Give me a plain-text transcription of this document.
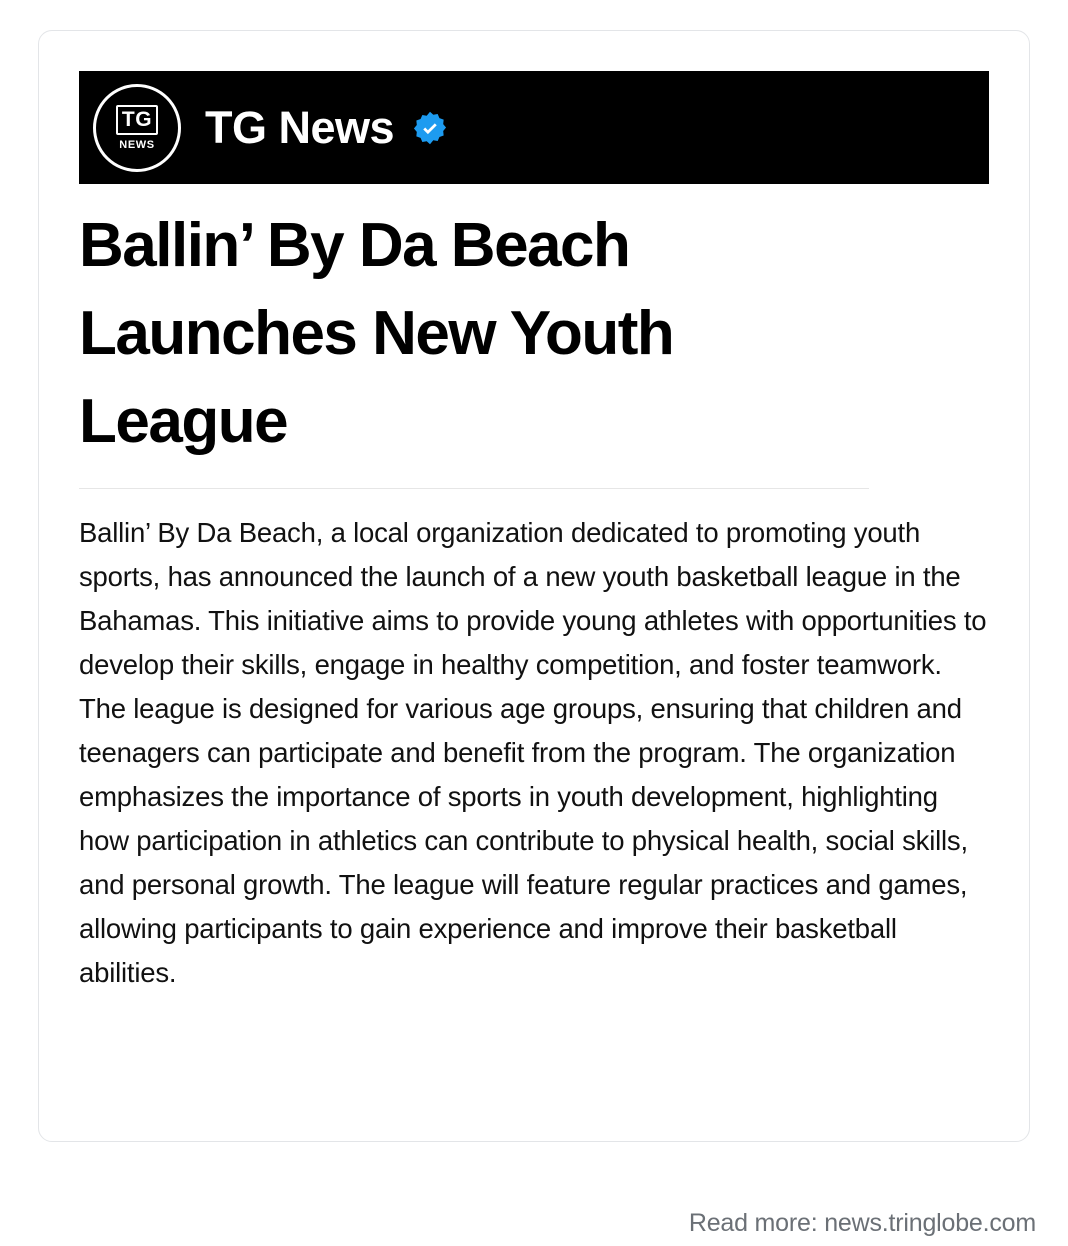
TG
NEWS TG News
Ballin’ By Da Beach Launches New Youth League

Ballin’ By Da Beach, a local organization dedicated to promoting youth sports, has announced the launch of a new youth basketball league in the Bahamas. This initiative aims to provide young athletes with opportunities to develop their skills, engage in healthy competition, and foster teamwork. The league is designed for various age groups, ensuring that children and teenagers can participate and benefit from the program. The organization emphasizes the importance of sports in youth development, highlighting how participation in athletics can contribute to physical health, social skills, and personal growth. The league will feature regular practices and games, allowing participants to gain experience and improve their basketball abilities.

Read more: news.tringlobe.com
